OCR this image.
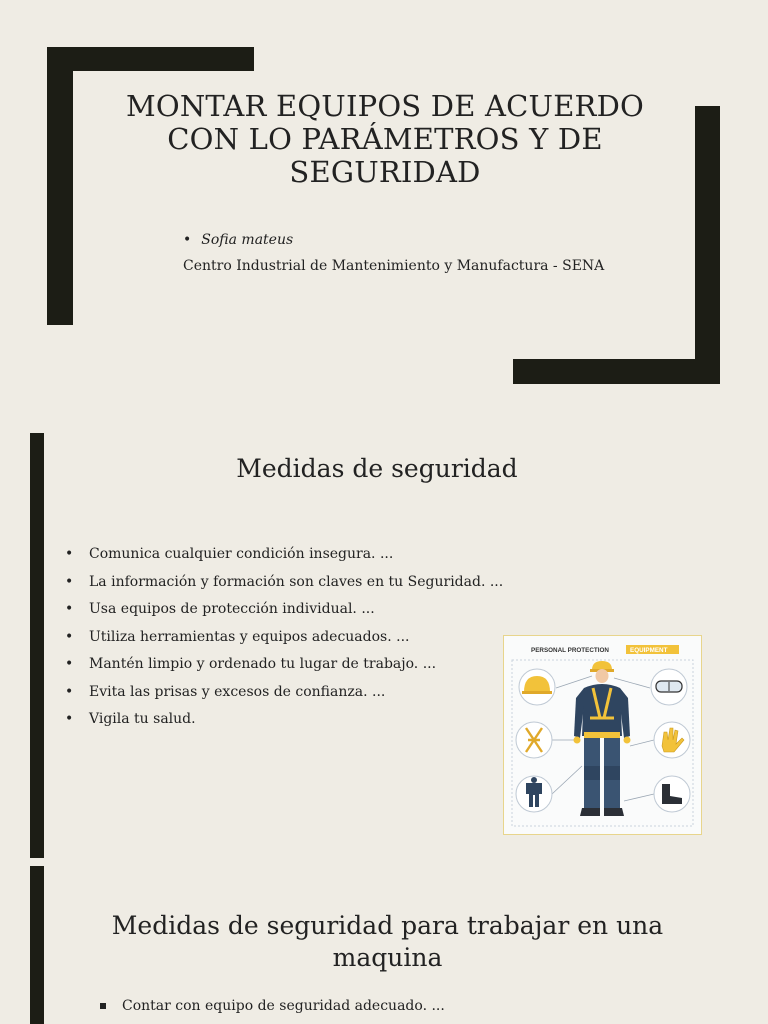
MONTAR EQUIPOS DE ACUERDO CON LO PARÁMETROS Y DE SEGURIDAD
• Sofia mateus
Centro Industrial de Mantenimiento y Manufactura - SENA
Medidas de seguridad
• Comunica cualquier condición insegura. ...
• La información y formación son claves en tu Seguridad. ...
• Usa equipos de protección individual. ...
• Utiliza herramientas y equipos adecuados. ...
• Mantén limpio y ordenado tu lugar de trabajo. ...
• Evita las prisas y excesos de confianza. ...
• Vigila tu salud.
PERSONAL PROTECTION	EQUIPMENT
Medidas de seguridad para trabajar en una maquina
Contar con equipo de seguridad adecuado. ...
